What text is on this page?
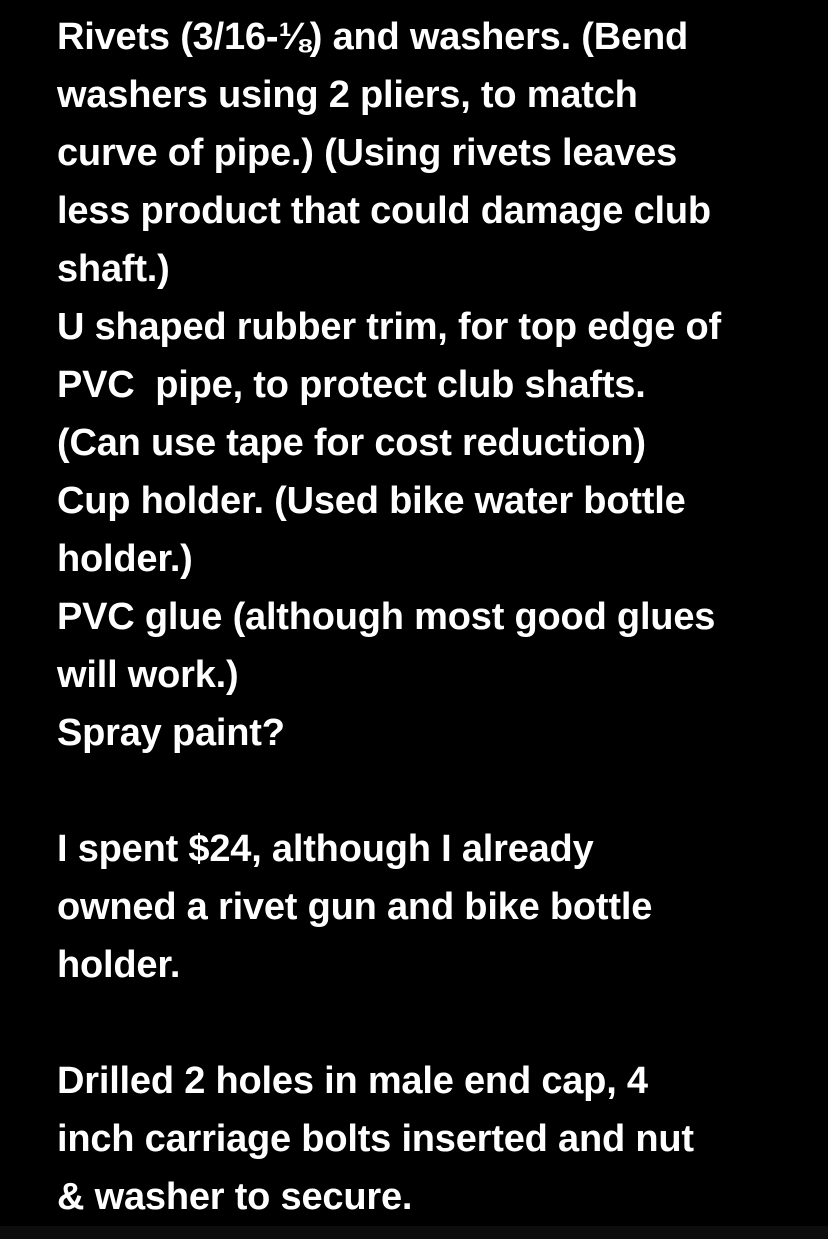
Rivets (3/16-⅛) and washers. (Bend
washers using 2 pliers, to match
curve of pipe.) (Using rivets leaves
less product that could damage club
shaft.)
U shaped rubber trim, for top edge of
PVC  pipe, to protect club shafts.
(Can use tape for cost reduction)
Cup holder. (Used bike water bottle
holder.)
PVC glue (although most good glues
will work.)
Spray paint?
I spent $24, although I already
owned a rivet gun and bike bottle
holder.
Drilled 2 holes in male end cap, 4
inch carriage bolts inserted and nut
& washer to secure.
